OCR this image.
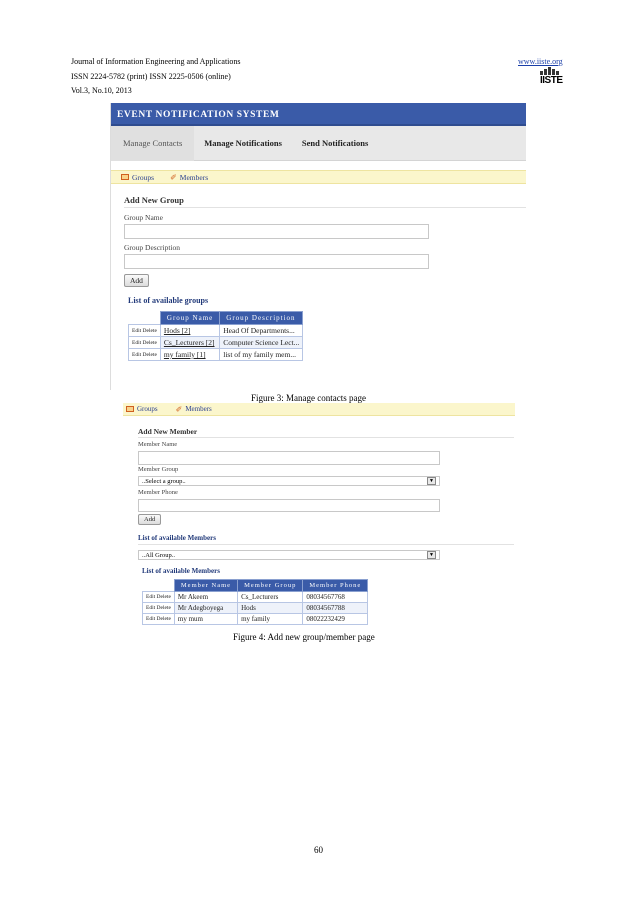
Journal of Information Engineering and Applications
ISSN 2224-5782 (print) ISSN 2225-0506 (online)
Vol.3, No.10, 2013
www.iiste.org
IISTE
EVENT NOTIFICATION SYSTEM
Manage Contacts	Manage Notifications	Send Notifications
Groups ✐ Members
Add New Group
Group Name
Group Description
Add
List of available groups
	Group Name	Group Description
Edit Delete	Hods [2]	Head Of Departments...
Edit Delete	Cs_Lecturers [2]	Computer Science Lect...
Edit Delete	my family [1]	list of my family mem...
Figure 3: Manage contacts page
Groups ✐ Members
Add New Member
Member Name
Member Group
..Select a group..	▼
Member Phone
Add
List of available Members
..All Group..	▼
List of available Members
	Member Name	Member Group	Member Phone
Edit Delete	Mr Akeem	Cs_Lecturers	08034567768
Edit Delete	Mr Adegboyega	Hods	08034567788
Edit Delete	my mum	my family	08022232429
Figure 4: Add new group/member page
60
